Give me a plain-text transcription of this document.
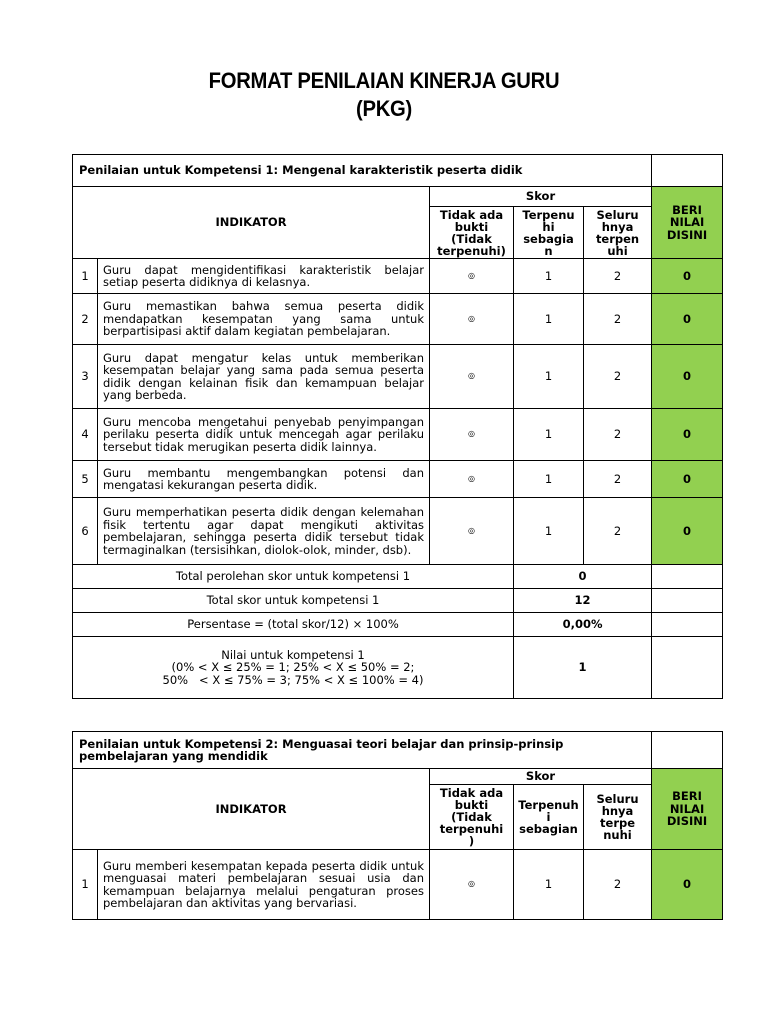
FORMAT PENILAIAN KINERJA GURU
(PKG)
Penilaian untuk Kompetensi 1: Mengenal karakteristik peserta didik					
INDIKATOR		Skor			BERI NILAI DISINI
		Tidak ada
bukti
(Tidak
terpenuhi)	Terpenu
hi
sebagia
n	Seluru
hnya
terpen
uhi	
1	Guru dapat mengidentifikasi karakteristik belajar setiap peserta didiknya di kelasnya.	◎	1	2	0
2	Guru memastikan bahwa semua peserta didik mendapatkan kesempatan yang sama untuk berpartisipasi aktif dalam kegiatan pembelajaran.	◎	1	2	0
3	Guru dapat mengatur kelas untuk memberikan kesempatan belajar yang sama pada semua peserta didik dengan kelainan fisik dan kemampuan belajar yang berbeda.	◎	1	2	0
4	Guru mencoba mengetahui penyebab penyimpangan perilaku peserta didik untuk mencegah agar perilaku tersebut tidak merugikan peserta didik lainnya.	◎	1	2	0
5	Guru membantu mengembangkan potensi dan mengatasi kekurangan peserta didik.	◎	1	2	0
6	Guru memperhatikan peserta didik dengan kelemahan fisik tertentu agar dapat mengikuti aktivitas pembelajaran, sehingga peserta didik tersebut tidak termaginalkan (tersisihkan, diolok-olok, minder, dsb).	◎	1	2	0
Total perolehan skor untuk kompetensi 1			0		
Total skor untuk kompetensi 1			12		
Persentase = (total skor/12) × 100%			0,00%		

Nilai untuk kompetensi 1
(0% < X ≤ 25% = 1; 25% < X ≤ 50% = 2;
50%   < X ≤ 75% = 3; 75% < X ≤ 100% = 4)			1		
Penilaian untuk Kompetensi 2: Menguasai teori belajar dan prinsip-prinsip pembelajaran yang mendidik					
INDIKATOR		Skor			BERI NILAI DISINI
		Tidak ada
bukti
(Tidak
terpenuhi
)	Terpenuh
i
sebagian	Seluru
hnya
terpe
nuhi	
1	Guru memberi kesempatan kepada peserta didik untuk menguasai materi pembelajaran sesuai usia dan kemampuan belajarnya melalui pengaturan proses pembelajaran dan aktivitas yang bervariasi.	◎	1	2	0
